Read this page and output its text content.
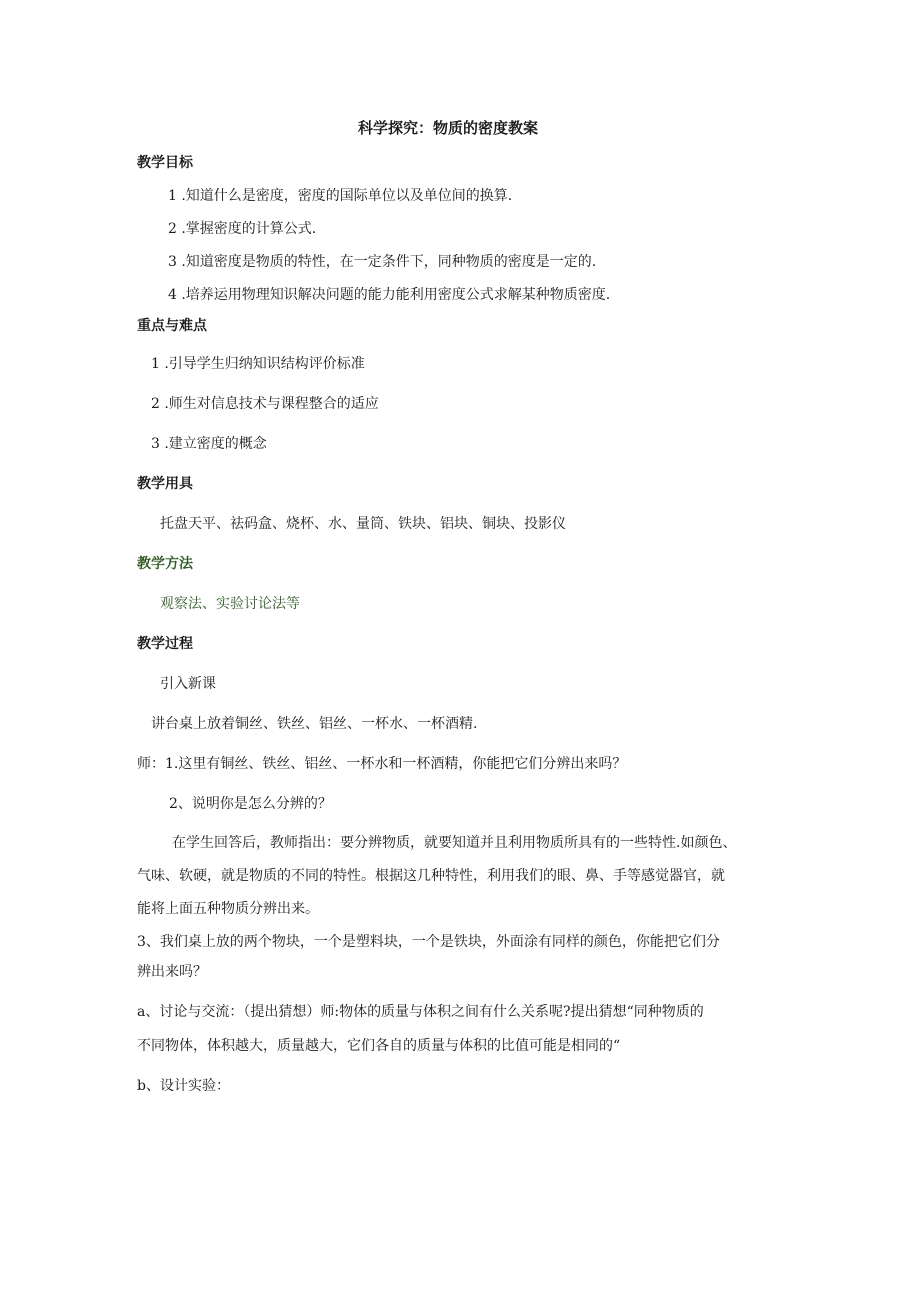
科学探究：物质的密度教案
教学目标
1 .知道什么是密度，密度的国际单位以及单位间的换算.
2 .掌握密度的计算公式.
3 .知道密度是物质的特性，在一定条件下，同种物质的密度是一定的.
4 .培养运用物理知识解决问题的能力能利用密度公式求解某种物质密度.
重点与难点
1 .引导学生归纳知识结构评价标准
2 .师生对信息技术与课程整合的适应
3 .建立密度的概念
教学用具
托盘天平、祛码盒、烧杯、水、量筒、铁块、铝块、铜块、投影仪
教学方法
观察法、实验讨论法等
教学过程
引入新课
讲台桌上放着铜丝、铁丝、铝丝、一杯水、一杯酒精.
师：1.这里有铜丝、铁丝、铝丝、一杯水和一杯酒精，你能把它们分辨出来吗？
2、说明你是怎么分辨的？
在学生回答后，教师指出：要分辨物质，就要知道并且利用物质所具有的一些特性.如颜色、
气味、软硬，就是物质的不同的特性。根据这几种特性，利用我们的眼、鼻、手等感觉器官，就
能将上面五种物质分辨出来。
3、我们桌上放的两个物块，一个是塑料块，一个是铁块，外面涂有同样的颜色，你能把它们分
辨出来吗？
a、讨论与交流：（提出猜想）师:物体的质量与体积之间有什么关系呢?提出猜想“同种物质的
不同物体，体积越大，质量越大，它们各自的质量与体积的比值可能是相同的“
b、设计实验：
